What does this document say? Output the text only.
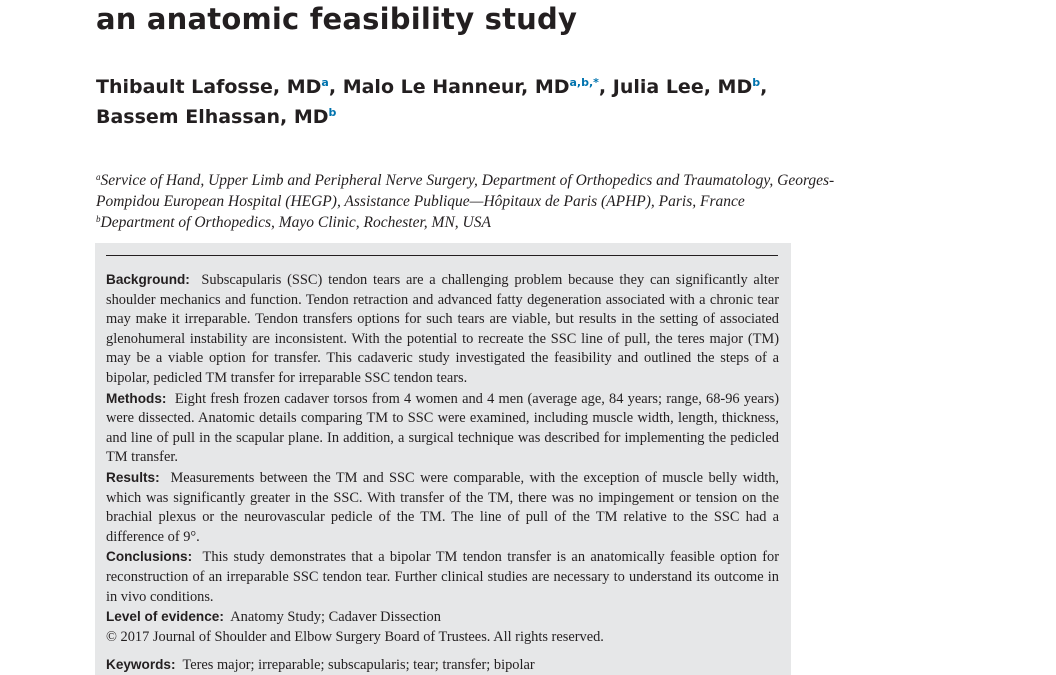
an anatomic feasibility study
Thibault Lafosse, $MD^a$, Malo Le Hanneur, $MD^{a,b,*}$, Julia Lee, $MD^b$,
Bassem Elhassan, $MD^b$
$^a$Service of Hand, Upper Limb and Peripheral Nerve Surgery, Department of Orthopedics and Traumatology, Georges-
Pompidou European Hospital (HEGP), Assistance Publique—Hôpitaux de Paris (APHP), Paris, France
$^b$Department of Orthopedics, Mayo Clinic, Rochester, MN, USA

Background: Subscapularis (SSC) tendon tears are a challenging problem because they can significantly alter shoulder mechanics and function. Tendon retraction and advanced fatty degeneration associated with a chronic tear may make it irreparable. Tendon transfers options for such tears are viable, but results in the setting of associated glenohumeral instability are inconsistent. With the potential to recreate the SSC line of pull, the teres major (TM) may be a viable option for transfer. This cadaveric study investigated the feasibility and outlined the steps of a bipolar, pedicled TM transfer for irreparable SSC tendon tears.

Methods: Eight fresh frozen cadaver torsos from 4 women and 4 men (average age, 84 years; range, 68-96 years) were dissected. Anatomic details comparing TM to SSC were examined, including muscle width, length, thickness, and line of pull in the scapular plane. In addition, a surgical technique was described for implementing the pedicled TM transfer.

Results: Measurements between the TM and SSC were comparable, with the exception of muscle belly width, which was significantly greater in the SSC. With transfer of the TM, there was no impingement or tension on the brachial plexus or the neurovascular pedicle of the TM. The line of pull of the TM relative to the SSC had a difference of 9°.

Conclusions: This study demonstrates that a bipolar TM tendon transfer is an anatomically feasible option for reconstruction of an irreparable SSC tendon tear. Further clinical studies are necessary to understand its outcome in in vivo conditions.

Level of evidence: Anatomy Study; Cadaver Dissection

© 2017 Journal of Shoulder and Elbow Surgery Board of Trustees. All rights reserved.

Keywords: Teres major; irreparable; subscapularis; tear; transfer; bipolar
